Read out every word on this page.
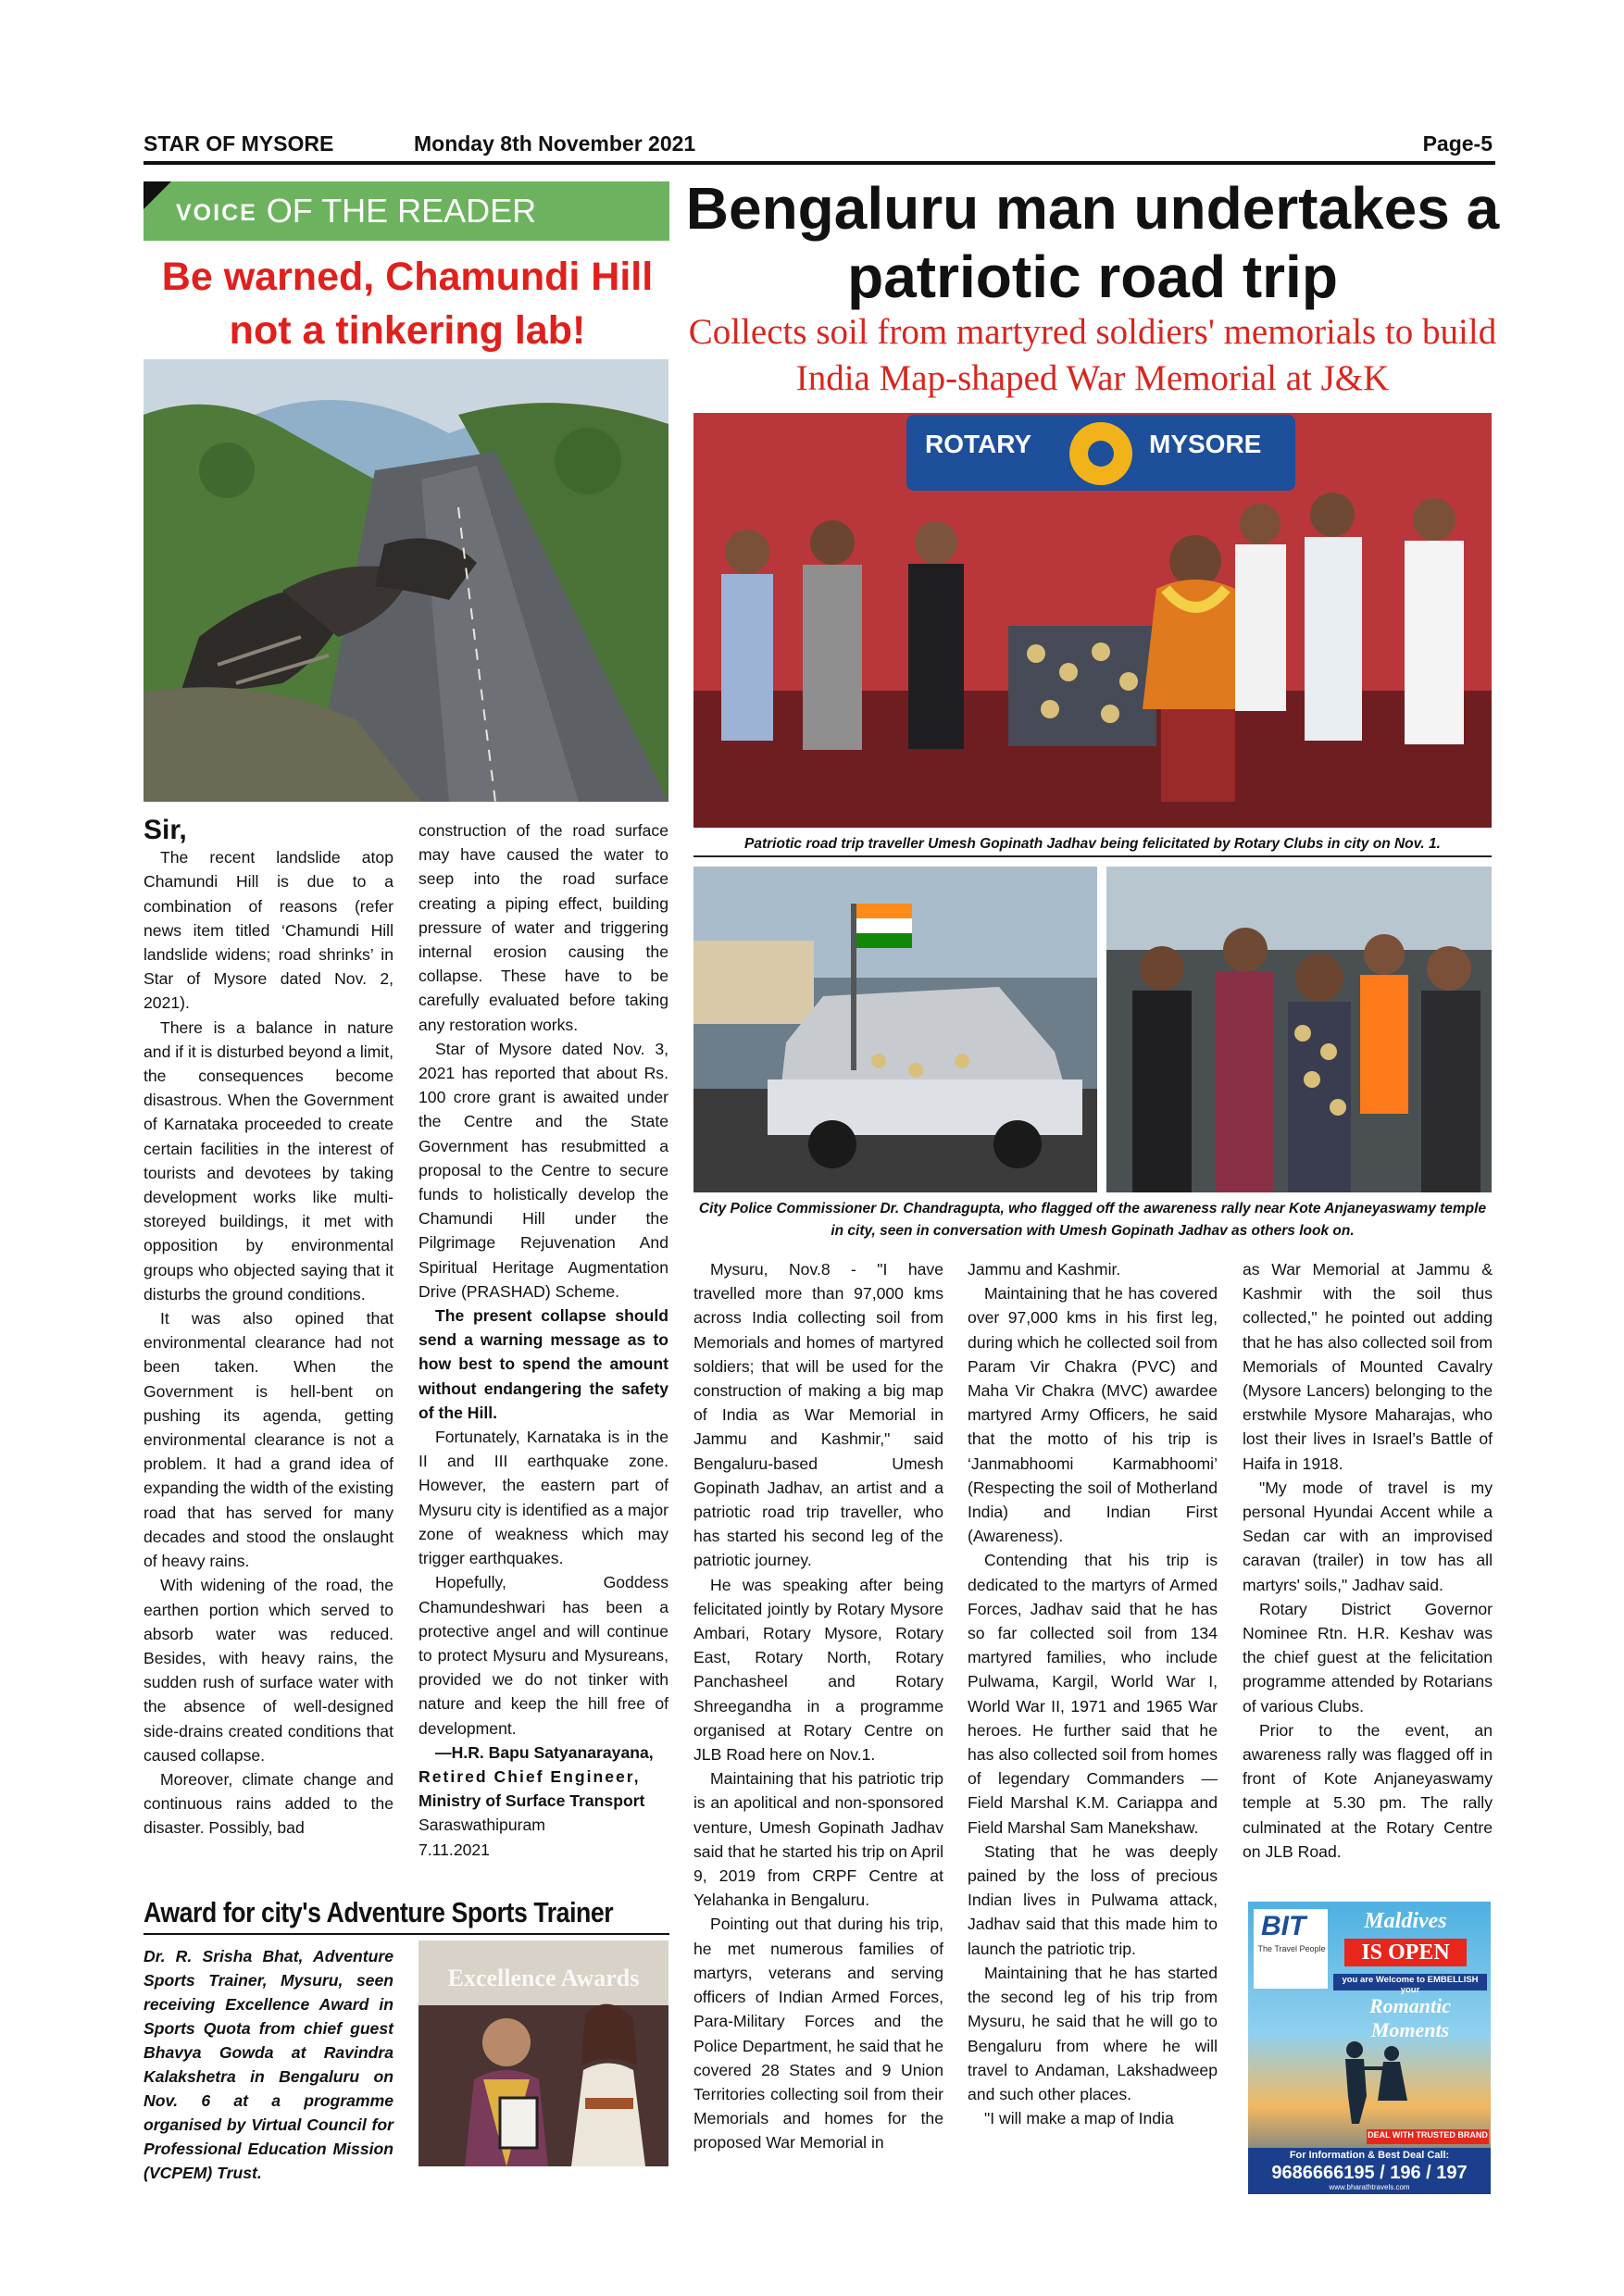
STAR OF MYSORE	Monday 8th November 2021	Page-5
VOICE OF THE READER
Be warned, Chamundi Hill not a tinkering lab!

Sir,

The recent landslide atop Chamundi Hill is due to a combination of reasons (refer news item titled ‘Chamundi Hill landslide widens; road shrinks’ in Star of Mysore dated Nov. 2, 2021).

There is a balance in nature and if it is disturbed beyond a limit, the consequences become disastrous. When the Government of Karnataka proceeded to create certain facilities in the interest of tourists and devotees by taking development works like multi-storeyed buildings, it met with opposition by environmental groups who objected saying that it disturbs the ground conditions.

It was also opined that environmental clearance had not been taken. When the Government is hell-bent on pushing its agenda, getting environmental clearance is not a problem. It had a grand idea of expanding the width of the existing road that has served for many decades and stood the onslaught of heavy rains.

With widening of the road, the earthen portion which served to absorb water was reduced. Besides, with heavy rains, the sudden rush of surface water with the absence of well-designed side-drains created conditions that caused collapse.

Moreover, climate change and continuous rains added to the disaster. Possibly, bad

construction of the road surface may have caused the water to seep into the road surface creating a piping effect, building pressure of water and triggering internal erosion causing the collapse. These have to be carefully evaluated before taking any restoration works.

Star of Mysore dated Nov. 3, 2021 has reported that about Rs. 100 crore grant is awaited under the Centre and the State Government has resubmitted a proposal to the Centre to secure funds to holistically develop the Chamundi Hill under the Pilgrimage Rejuvenation And Spiritual Heritage Augmentation Drive (PRASHAD) Scheme.

The present collapse should send a warning message as to how best to spend the amount without endangering the safety of the Hill.

Fortunately, Karnataka is in the II and III earthquake zone. However, the eastern part of Mysuru city is identified as a major zone of weakness which may trigger earthquakes.

Hopefully, Goddess Chamundeshwari has been a protective angel and will continue to protect Mysuru and Mysureans, provided we do not tinker with nature and keep the hill free of development.

—H.R. Bapu Satyanarayana,

Retired Chief Engineer,

Ministry of Surface Transport

Saraswathipuram

7.11.2021

Award for city's Adventure Sports Trainer
Dr. R. Srisha Bhat, Adventure Sports Trainer, Mysuru, seen receiving Excellence Award in Sports Quota from chief guest Bhavya Gowda at Ravindra Kalakshetra in Bengaluru on Nov. 6 at a programme organised by Virtual Council for Professional Education Mission (VCPEM) Trust.
Excellence Awards
Bengaluru man undertakes a patriotic road trip
Collects soil from martyred soldiers' memorials to build India Map-shaped War Memorial at J&K
ROTARY	MYSORE
Patriotic road trip traveller Umesh Gopinath Jadhav being felicitated by Rotary Clubs in city on Nov. 1.
City Police Commissioner Dr. Chandragupta, who flagged off the awareness rally near Kote Anjaneyaswamy temple in city, seen in conversation with Umesh Gopinath Jadhav as others look on.

Mysuru, Nov.8 - "I have travelled more than 97,000 kms across India collecting soil from Memorials and homes of martyred soldiers; that will be used for the construction of making a big map of India as War Memorial in Jammu and Kashmir," said Bengaluru-based Umesh Gopinath Jadhav, an artist and a patriotic road trip traveller, who has started his second leg of the patriotic journey.

He was speaking after being felicitated jointly by Rotary Mysore Ambari, Rotary Mysore, Rotary East, Rotary North, Rotary Panchasheel and Rotary Shreegandha in a programme organised at Rotary Centre on JLB Road here on Nov.1.

Maintaining that his patriotic trip is an apolitical and non-sponsored venture, Umesh Gopinath Jadhav said that he started his trip on April 9, 2019 from CRPF Centre at Yelahanka in Bengaluru.

Pointing out that during his trip, he met numerous families of martyrs, veterans and serving officers of Indian Armed Forces, Para-Military Forces and the Police Department, he said that he covered 28 States and 9 Union Territories collecting soil from their Memorials and homes for the proposed War Memorial in

Jammu and Kashmir.

Maintaining that he has covered over 97,000 kms in his first leg, during which he collected soil from Param Vir Chakra (PVC) and Maha Vir Chakra (MVC) awardee martyred Army Officers, he said that the motto of his trip is ‘Janmabhoomi Karmabhoomi’ (Respecting the soil of Motherland India) and Indian First (Awareness).

Contending that his trip is dedicated to the martyrs of Armed Forces, Jadhav said that he has so far collected soil from 134 martyred families, who include Pulwama, Kargil, World War I, World War II, 1971 and 1965 War heroes. He further said that he has also collected soil from homes of legendary Commanders — Field Marshal K.M. Cariappa and Field Marshal Sam Manekshaw.

Stating that he was deeply pained by the loss of precious Indian lives in Pulwama attack, Jadhav said that this made him to launch the patriotic trip.

Maintaining that he has started the second leg of his trip from Mysuru, he said that he will go to Bengaluru from where he will travel to Andaman, Lakshadweep and such other places.

"I will make a map of India

as War Memorial at Jammu & Kashmir with the soil thus collected," he pointed out adding that he has also collected soil from Memorials of Mounted Cavalry (Mysore Lancers) belonging to the erstwhile Mysore Maharajas, who lost their lives in Israel’s Battle of Haifa in 1918.

"My mode of travel is my personal Hyundai Accent while a Sedan car with an improvised caravan (trailer) in tow has all martyrs' soils," Jadhav said.

Rotary District Governor Nominee Rtn. H.R. Keshav was the chief guest at the felicitation programme attended by Rotarians of various Clubs.

Prior to the event, an awareness rally was flagged off in front of Kote Anjaneyaswamy temple at 5.30 pm. The rally culminated at the Rotary Centre on JLB Road.

BIT
The Travel People
Maldives
IS OPEN
you are Welcome to EMBELLISH your
Romantic Moments
DEAL WITH TRUSTED BRAND
For Information & Best Deal Call:
9686666195 / 196 / 197
www.bharathtravels.com
